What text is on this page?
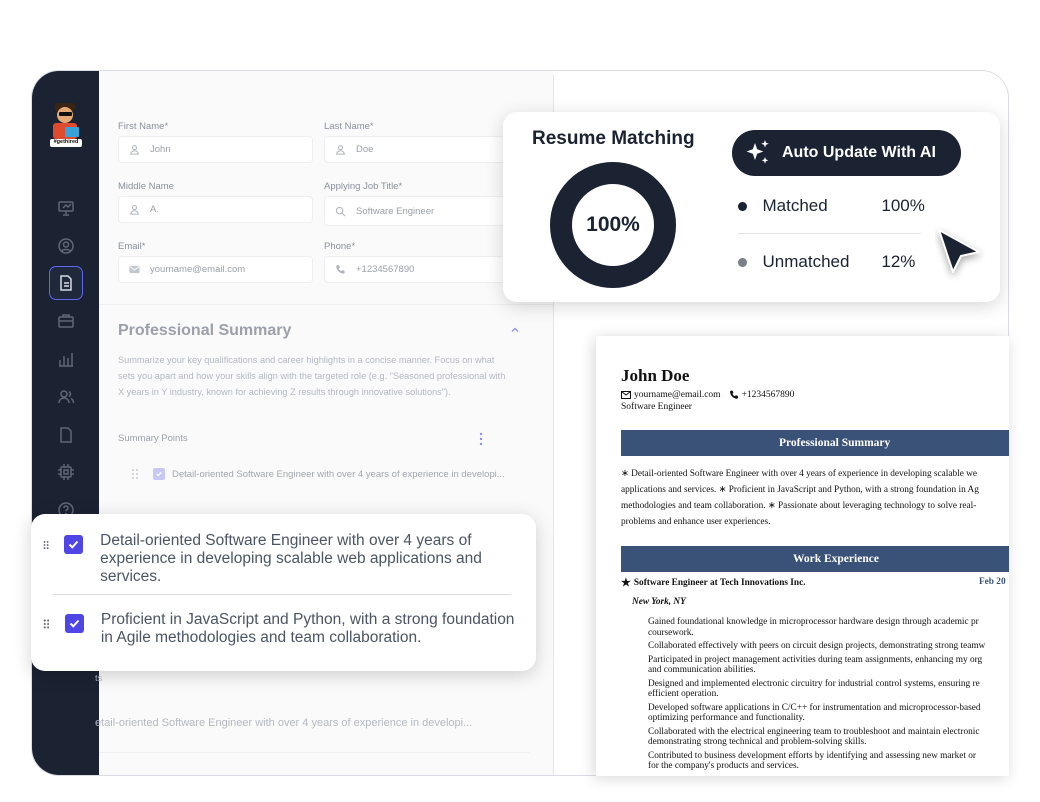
#gethired
First Name*
John
Last Name*
Doe
Middle Name
A.
Applying Job Title*
Software Engineer
Email*
yourname@email.com
Phone*
+1234567890
Professional Summary

Summarize your key qualifications and career highlights in a concise manner. Focus on what sets you apart and how your skills align with the targeted role (e.g. "Seasoned professional with X years in Y industry, known for achieving Z results through innovative solutions").

Summary Points
Detail-oriented Software Engineer with over 4 years of experience in developi...
ts
etail-oriented Software Engineer with over 4 years of experience in developi...
John Doe
yourname@email.com +1234567890
Software Engineer
Professional Summary
∗ Detail-oriented Software Engineer with over 4 years of experience in developing scalable we
applications and services. ∗ Proficient in JavaScript and Python, with a strong foundation in Ag
methodologies and team collaboration. ∗ Passionate about leveraging technology to solve real-
problems and enhance user experiences.
Work Experience
★ Software Engineer at Tech Innovations Inc.	Feb 20
New York, NY
• Gained foundational knowledge in microprocessor hardware design through academic pr
coursework.
• Collaborated effectively with peers on circuit design projects, demonstrating strong teamw
• Participated in project management activities during team assignments, enhancing my org
and communication abilities.
• Designed and implemented electronic circuitry for industrial control systems, ensuring re
efficient operation.
• Developed software applications in C/C++ for instrumentation and microprocessor-based
optimizing performance and functionality.
• Collaborated with the electrical engineering team to troubleshoot and maintain electronic
demonstrating strong technical and problem-solving skills.
• Contributed to business development efforts by identifying and assessing new market or
for the company's products and services.
Resume Matching
100%
Auto Update With AI
Matched	100%
Unmatched	12%
Detail-oriented Software Engineer with over 4 years of experience in developing scalable web applications and services.
Proficient in JavaScript and Python, with a strong foundation in Agile methodologies and team collaboration.
